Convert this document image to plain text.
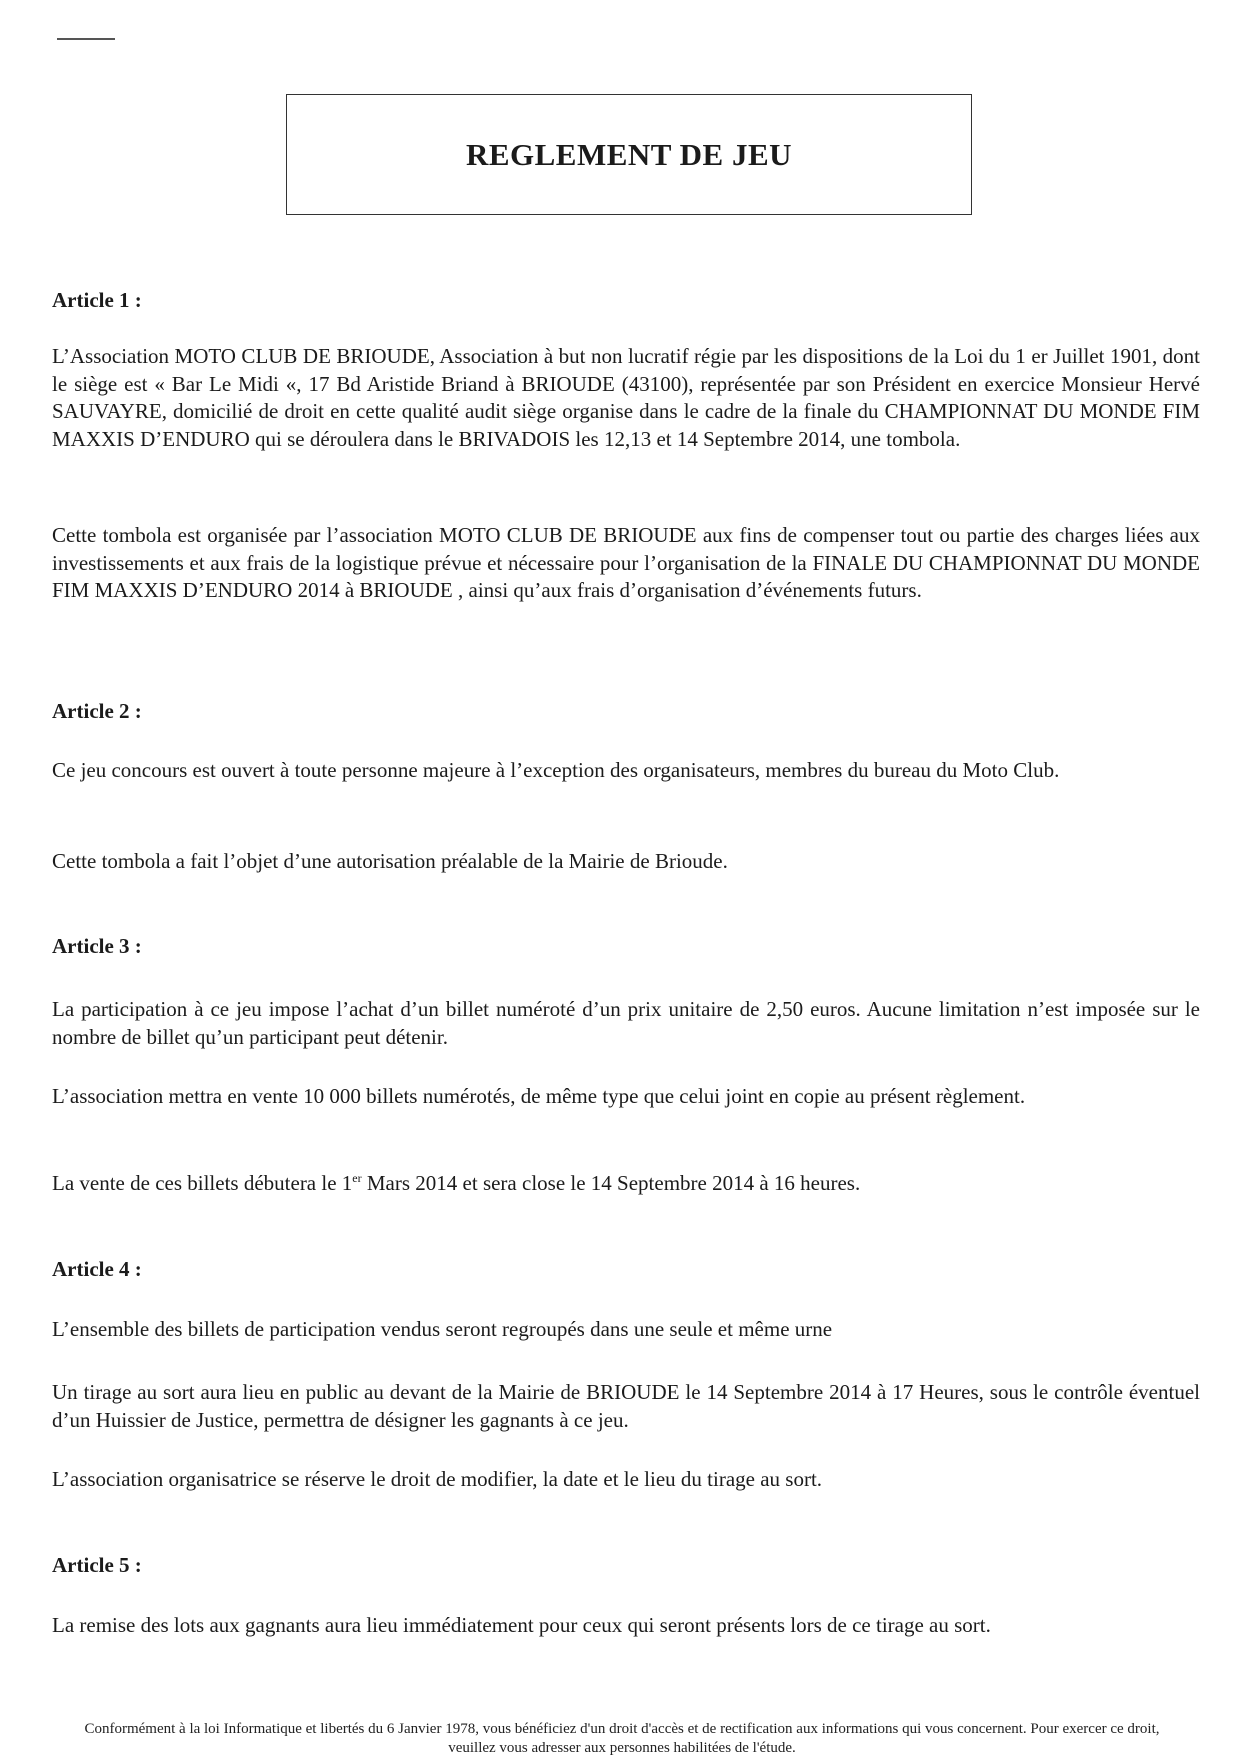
REGLEMENT DE JEU
Article 1 :

L’Association MOTO CLUB DE BRIOUDE, Association à but non lucratif régie par les dispositions de la Loi du 1 er Juillet 1901, dont le siège est « Bar Le Midi «, 17 Bd Aristide Briand à BRIOUDE (43100), représentée par son Président en exercice Monsieur Hervé SAUVAYRE, domicilié de droit en cette qualité audit siège organise dans le cadre de la finale du CHAMPIONNAT DU MONDE FIM MAXXIS D’ENDURO qui se déroulera dans le BRIVADOIS les 12,13 et 14 Septembre 2014, une tombola.

Cette tombola est organisée par l’association MOTO CLUB DE BRIOUDE aux fins de compenser tout ou partie des charges liées aux investissements et aux frais de la logistique prévue et nécessaire pour l’organisation de la FINALE DU CHAMPIONNAT DU MONDE FIM MAXXIS D’ENDURO 2014 à BRIOUDE , ainsi qu’aux frais d’organisation d’événements futurs.

Article 2 :

Ce jeu concours est ouvert à toute personne majeure à l’exception des organisateurs, membres du bureau du Moto Club.

Cette tombola a fait l’objet d’une autorisation préalable de la Mairie de Brioude.

Article 3 :

La participation à ce jeu impose l’achat d’un billet numéroté d’un prix unitaire de 2,50 euros. Aucune limitation n’est imposée sur le nombre de billet qu’un participant peut détenir.

L’association mettra en vente 10 000 billets numérotés, de même type que celui joint en copie au présent règlement.

La vente de ces billets débutera le 1er Mars 2014 et sera close le 14 Septembre 2014 à 16 heures.

Article 4 :

L’ensemble des billets de participation vendus seront regroupés dans une seule et même urne

Un tirage au sort aura lieu en public au devant de la Mairie de BRIOUDE le 14 Septembre 2014 à 17 Heures, sous le contrôle éventuel d’un Huissier de Justice, permettra de désigner les gagnants à ce jeu.

L’association organisatrice se réserve le droit de modifier, la date et le lieu du tirage au sort.

Article 5 :

La remise des lots aux gagnants aura lieu immédiatement pour ceux qui seront présents lors de ce tirage au sort.

Conformément à la loi Informatique et libertés du 6 Janvier 1978, vous bénéficiez d'un droit d'accès et de rectification aux informations qui vous concernent. Pour exercer ce droit, veuillez vous adresser aux personnes habilitées de l'étude.
